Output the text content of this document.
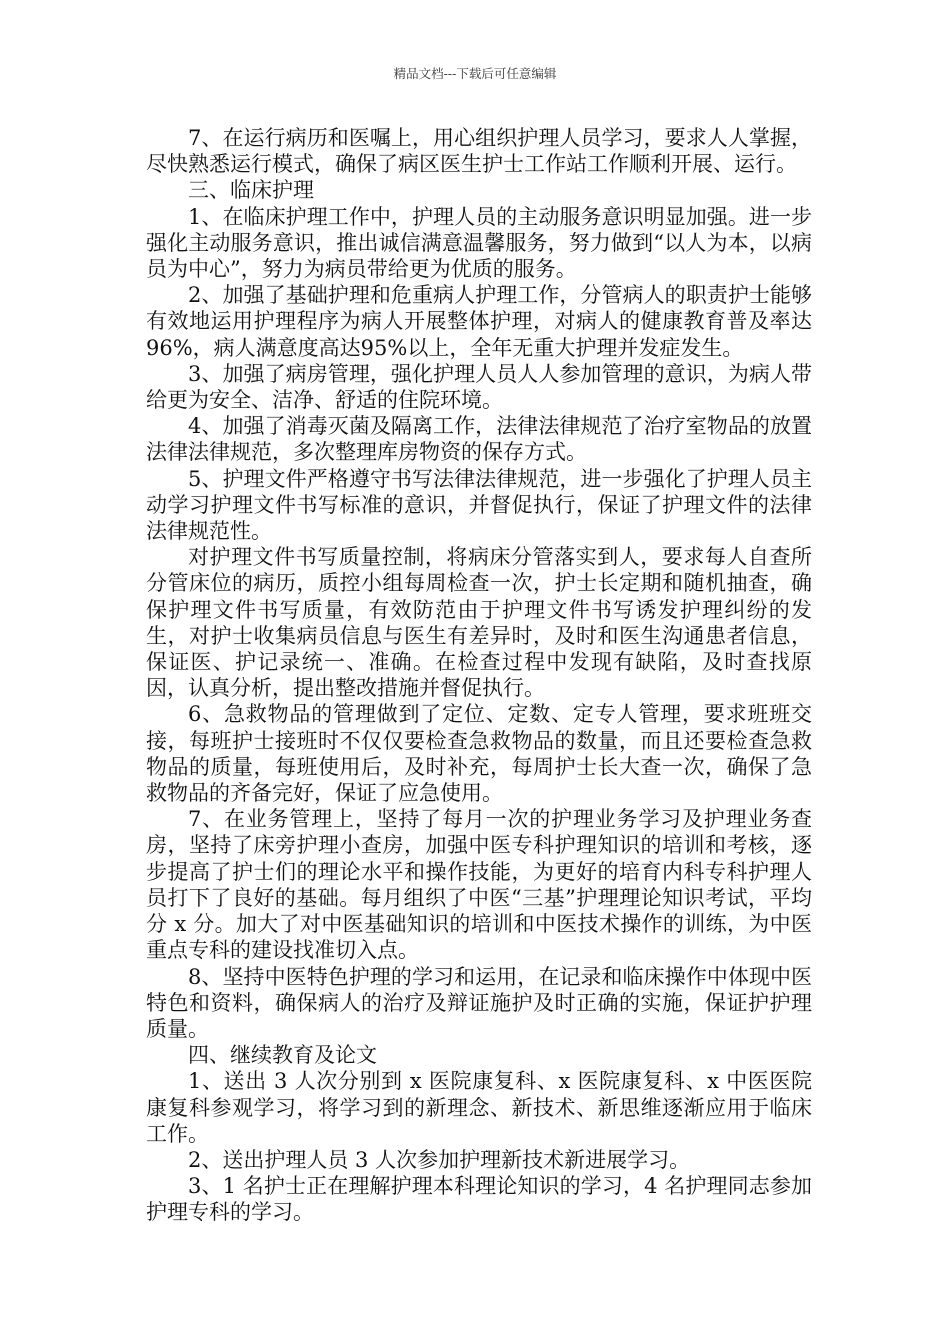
精品文档---下载后可任意编辑

7、在运行病历和医嘱上，用心组织护理人员学习，要求人人掌握，尽快熟悉运行模式，确保了病区医生护士工作站工作顺利开展、运行。

三、临床护理

1、在临床护理工作中，护理人员的主动服务意识明显加强。进一步强化主动服务意识，推出诚信满意温馨服务，努力做到“以人为本，以病员为中心”，努力为病员带给更为优质的服务。

2、加强了基础护理和危重病人护理工作，分管病人的职责护士能够有效地运用护理程序为病人开展整体护理，对病人的健康教育普及率达96%，病人满意度高达95%以上，全年无重大护理并发症发生。

3、加强了病房管理，强化护理人员人人参加管理的意识，为病人带给更为安全、洁净、舒适的住院环境。

4、加强了消毒灭菌及隔离工作，法律法律规范了治疗室物品的放置法律法律规范，多次整理库房物资的保存方式。

5、护理文件严格遵守书写法律法律规范，进一步强化了护理人员主动学习护理文件书写标准的意识，并督促执行，保证了护理文件的法律法律规范性。

对护理文件书写质量控制，将病床分管落实到人，要求每人自查所分管床位的病历，质控小组每周检查一次，护士长定期和随机抽查，确保护理文件书写质量，有效防范由于护理文件书写诱发护理纠纷的发生，对护士收集病员信息与医生有差异时，及时和医生沟通患者信息，保证医、护记录统一、准确。在检查过程中发现有缺陷，及时查找原因，认真分析，提出整改措施并督促执行。

6、急救物品的管理做到了定位、定数、定专人管理，要求班班交接，每班护士接班时不仅仅要检查急救物品的数量，而且还要检查急救物品的质量，每班使用后，及时补充，每周护士长大查一次，确保了急救物品的齐备完好，保证了应急使用。

7、在业务管理上，坚持了每月一次的护理业务学习及护理业务查房，坚持了床旁护理小查房，加强中医专科护理知识的培训和考核，逐步提高了护士们的理论水平和操作技能，为更好的培育内科专科护理人员打下了良好的基础。每月组织了中医“三基”护理理论知识考试，平均分 x 分。加大了对中医基础知识的培训和中医技术操作的训练，为中医重点专科的建设找准切入点。

8、坚持中医特色护理的学习和运用，在记录和临床操作中体现中医特色和资料，确保病人的治疗及辩证施护及时正确的实施，保证护护理质量。

四、继续教育及论文

1、送出 3 人次分别到 x 医院康复科、x 医院康复科、x 中医医院康复科参观学习，将学习到的新理念、新技术、新思维逐渐应用于临床工作。

2、送出护理人员 3 人次参加护理新技术新进展学习。

3、1 名护士正在理解护理本科理论知识的学习，4 名护理同志参加护理专科的学习。
